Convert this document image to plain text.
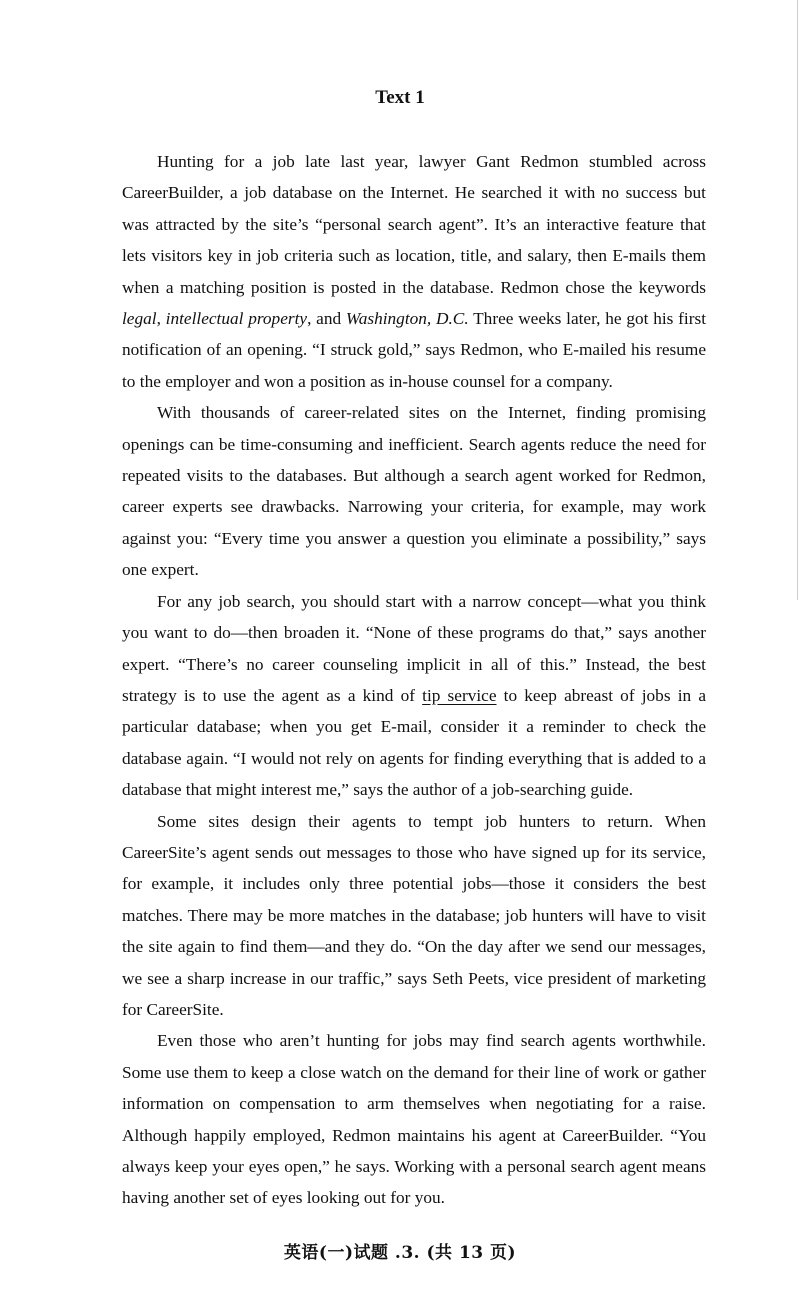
Text 1

Hunting for a job late last year, lawyer Gant Redmon stumbled across CareerBuilder, a job database on the Internet. He searched it with no success but was attracted by the site’s “personal search agent”. It’s an interactive feature that lets visitors key in job criteria such as location, title, and salary, then E-mails them when a matching position is posted in the database. Redmon chose the keywords legal, intellectual property, and Washington, D.C. Three weeks later, he got his first notification of an opening. “I struck gold,” says Redmon, who E-mailed his resume to the employer and won a position as in-house counsel for a company.

With thousands of career-related sites on the Internet, finding promising openings can be time-consuming and inefficient. Search agents reduce the need for repeated visits to the databases. But although a search agent worked for Redmon, career experts see drawbacks. Narrowing your criteria, for example, may work against you: “Every time you answer a question you eliminate a possibility,” says one expert.

For any job search, you should start with a narrow concept—what you think you want to do—then broaden it. “None of these programs do that,” says another expert. “There’s no career counseling implicit in all of this.” Instead, the best strategy is to use the agent as a kind of tip service to keep abreast of jobs in a particular database; when you get E-mail, consider it a reminder to check the database again. “I would not rely on agents for finding everything that is added to a database that might interest me,” says the author of a job-searching guide.

Some sites design their agents to tempt job hunters to return. When CareerSite’s agent sends out messages to those who have signed up for its service, for example, it includes only three potential jobs—those it considers the best matches. There may be more matches in the database; job hunters will have to visit the site again to find them—and they do. “On the day after we send our messages, we see a sharp increase in our traffic,” says Seth Peets, vice president of marketing for CareerSite.

Even those who aren’t hunting for jobs may find search agents worthwhile. Some use them to keep a close watch on the demand for their line of work or gather information on compensation to arm themselves when negotiating for a raise. Although happily employed, Redmon maintains his agent at CareerBuilder. “You always keep your eyes open,” he says. Working with a personal search agent means having another set of eyes looking out for you.

英语(一)试题 .3. (共 13 页)
